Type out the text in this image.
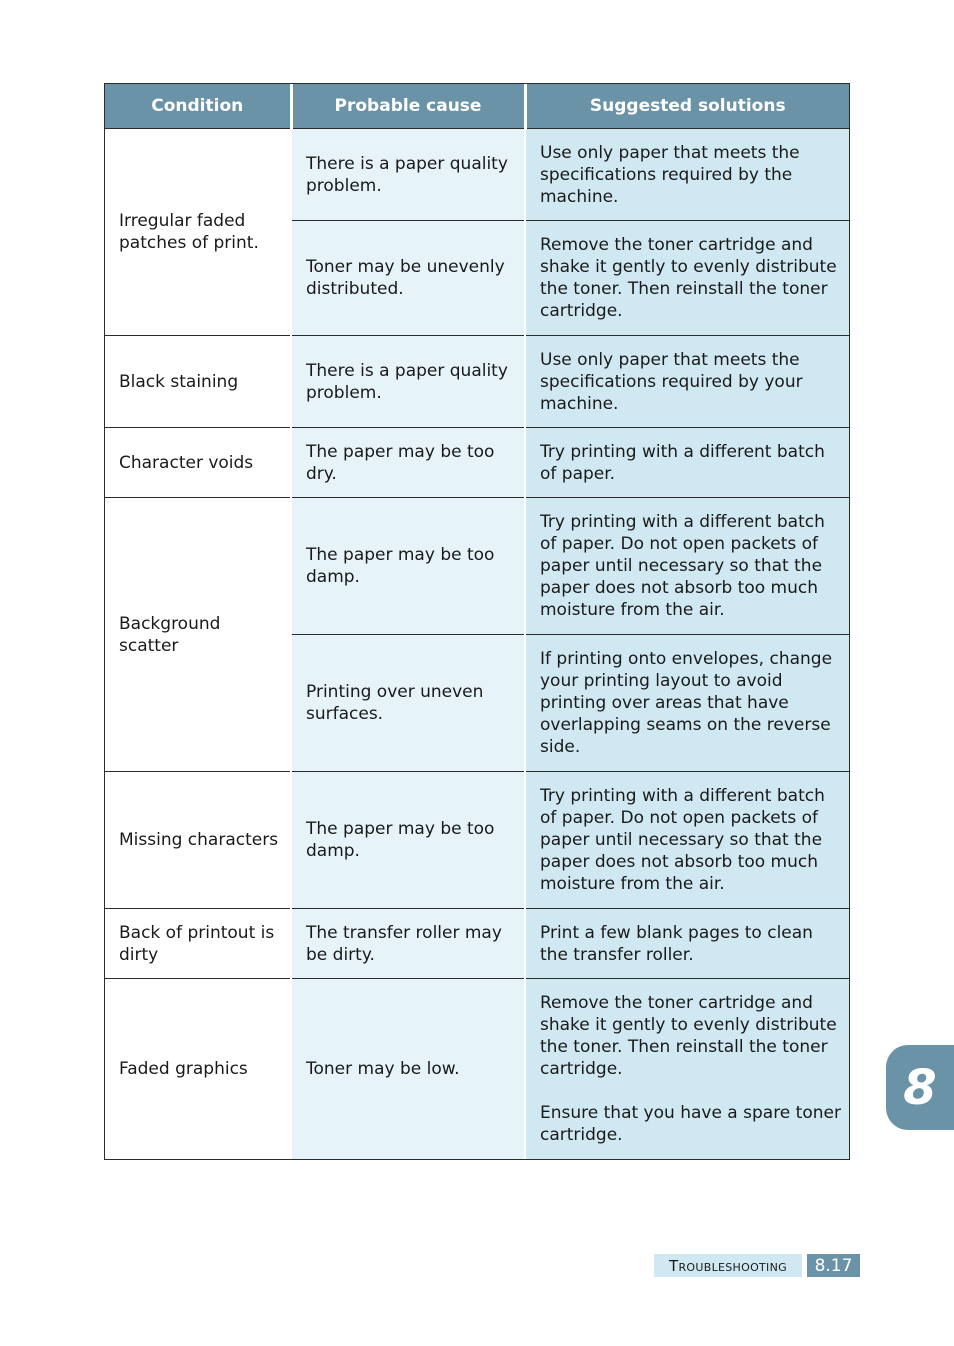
Condition	Probable cause	Suggested solutions
Irregular faded patches of print.	There is a paper quality problem.	Use only paper that meets the specifications required by the machine.
	Toner may be unevenly distributed.	Remove the toner cartridge and shake it gently to evenly distribute the toner. Then reinstall the toner cartridge.
Black staining	There is a paper quality problem.	Use only paper that meets the specifications required by your machine.
Character voids	The paper may be too dry.	Try printing with a different batch of paper.
Background scatter	The paper may be too damp.	Try printing with a different batch of paper. Do not open packets of paper until necessary so that the paper does not absorb too much moisture from the air.
	Printing over uneven surfaces.	If printing onto envelopes, change your printing layout to avoid printing over areas that have overlapping seams on the reverse side.
Missing characters	The paper may be too damp.	Try printing with a different batch of paper. Do not open packets of paper until necessary so that the paper does not absorb too much moisture from the air.
Back of printout is dirty	The transfer roller may be dirty.	Print a few blank pages to clean the transfer roller.
Faded graphics	Toner may be low.	Remove the toner cartridge and shake it gently to evenly distribute the toner. Then reinstall the toner cartridge.
Ensure that you have a spare toner cartridge.
8
Troubleshooting	8.17
